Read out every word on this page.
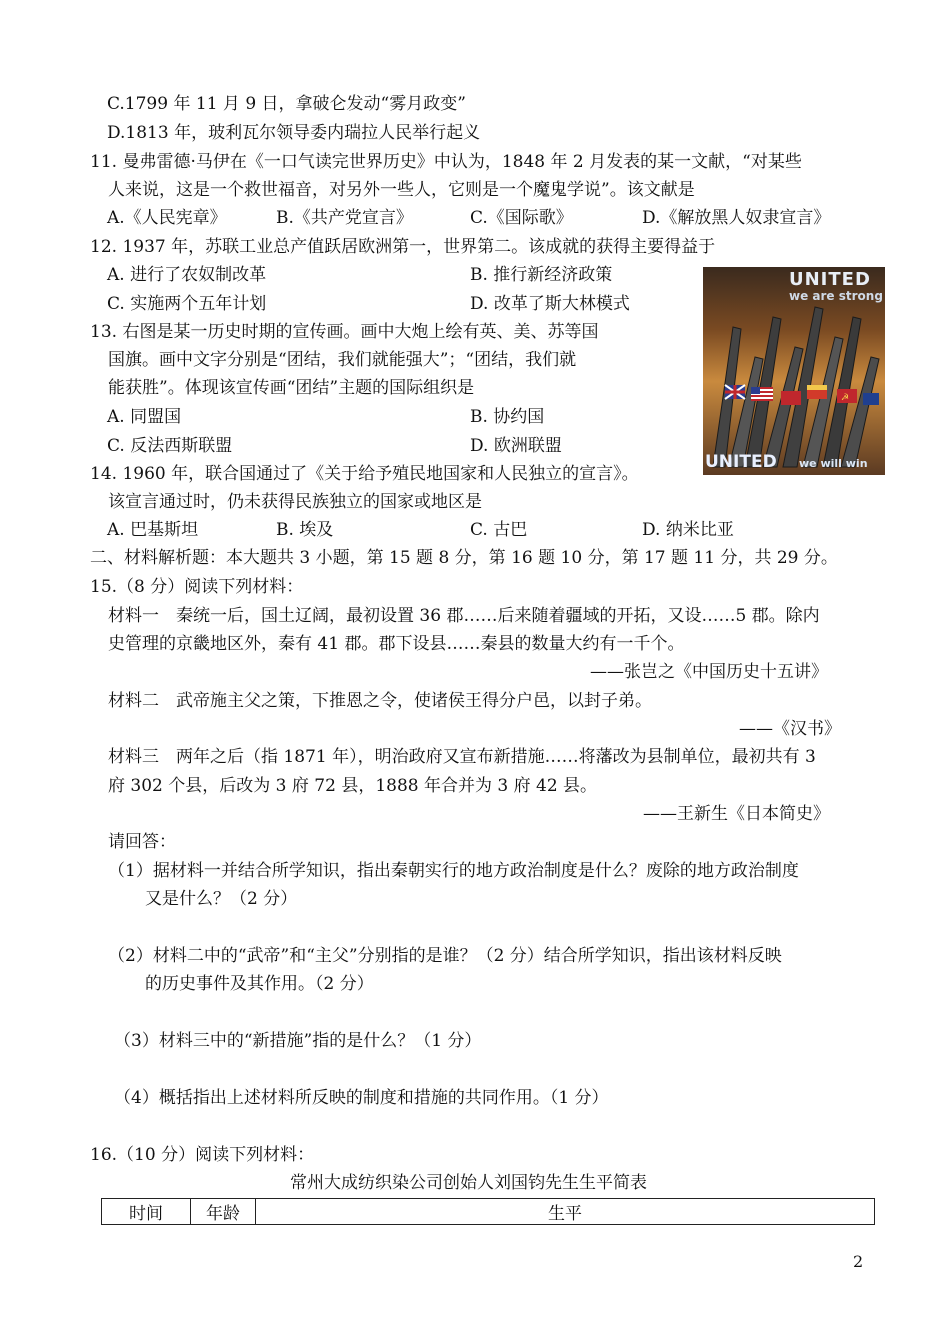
C.1799 年 11 月 9 日，拿破仑发动“雾月政变”
D.1813 年，玻利瓦尔领导委内瑞拉人民举行起义
11. 曼弗雷德·马伊在《一口气读完世界历史》中认为，1848 年 2 月发表的某一文献，“对某些
人来说，这是一个救世福音，对另外一些人，它则是一个魔鬼学说”。该文献是
A.《人民宪章》	B.《共产党宣言》	C.《国际歌》	D.《解放黑人奴隶宣言》
12. 1937 年，苏联工业总产值跃居欧洲第一，世界第二。该成就的获得主要得益于
A. 进行了农奴制改革	B. 推行新经济政策
C. 实施两个五年计划	D. 改革了斯大林模式
13. 右图是某一历史时期的宣传画。画中大炮上绘有英、美、苏等国
国旗。画中文字分别是“团结，我们就能强大”；“团结，我们就
能获胜”。体现该宣传画“团结”主题的国际组织是
A. 同盟国	B. 协约国
C. 反法西斯联盟	D. 欧洲联盟
☭
UNITED
we are strong
UNITED we will win
14. 1960 年，联合国通过了《关于给予殖民地国家和人民独立的宣言》。
该宣言通过时，仍未获得民族独立的国家或地区是
A. 巴基斯坦	B. 埃及	C. 古巴	D. 纳米比亚
二、材料解析题：本大题共 3 小题，第 15 题 8 分，第 16 题 10 分，第 17 题 11 分，共 29 分。
15.（8 分）阅读下列材料：
材料一　秦统一后，国土辽阔，最初设置 36 郡……后来随着疆域的开拓，又设……5 郡。除内
史管理的京畿地区外，秦有 41 郡。郡下设县……秦县的数量大约有一千个。
——张岂之《中国历史十五讲》
材料二　武帝施主父之策，下推恩之令，使诸侯王得分户邑，以封子弟。
——《汉书》
材料三　两年之后（指 1871 年），明治政府又宣布新措施……将藩改为县制单位，最初共有 3
府 302 个县，后改为 3 府 72 县，1888 年合并为 3 府 42 县。
——王新生《日本简史》
请回答：
（1）据材料一并结合所学知识，指出秦朝实行的地方政治制度是什么？废除的地方政治制度
又是什么？（2 分）
（2）材料二中的“武帝”和“主父”分别指的是谁？（2 分）结合所学知识，指出该材料反映
的历史事件及其作用。（2 分）
（3）材料三中的“新措施”指的是什么？（1 分）
（4）概括指出上述材料所反映的制度和措施的共同作用。（1 分）
16.（10 分）阅读下列材料：
常州大成纺织染公司创始人刘国钧先生生平简表
时间	年龄	生平
2
